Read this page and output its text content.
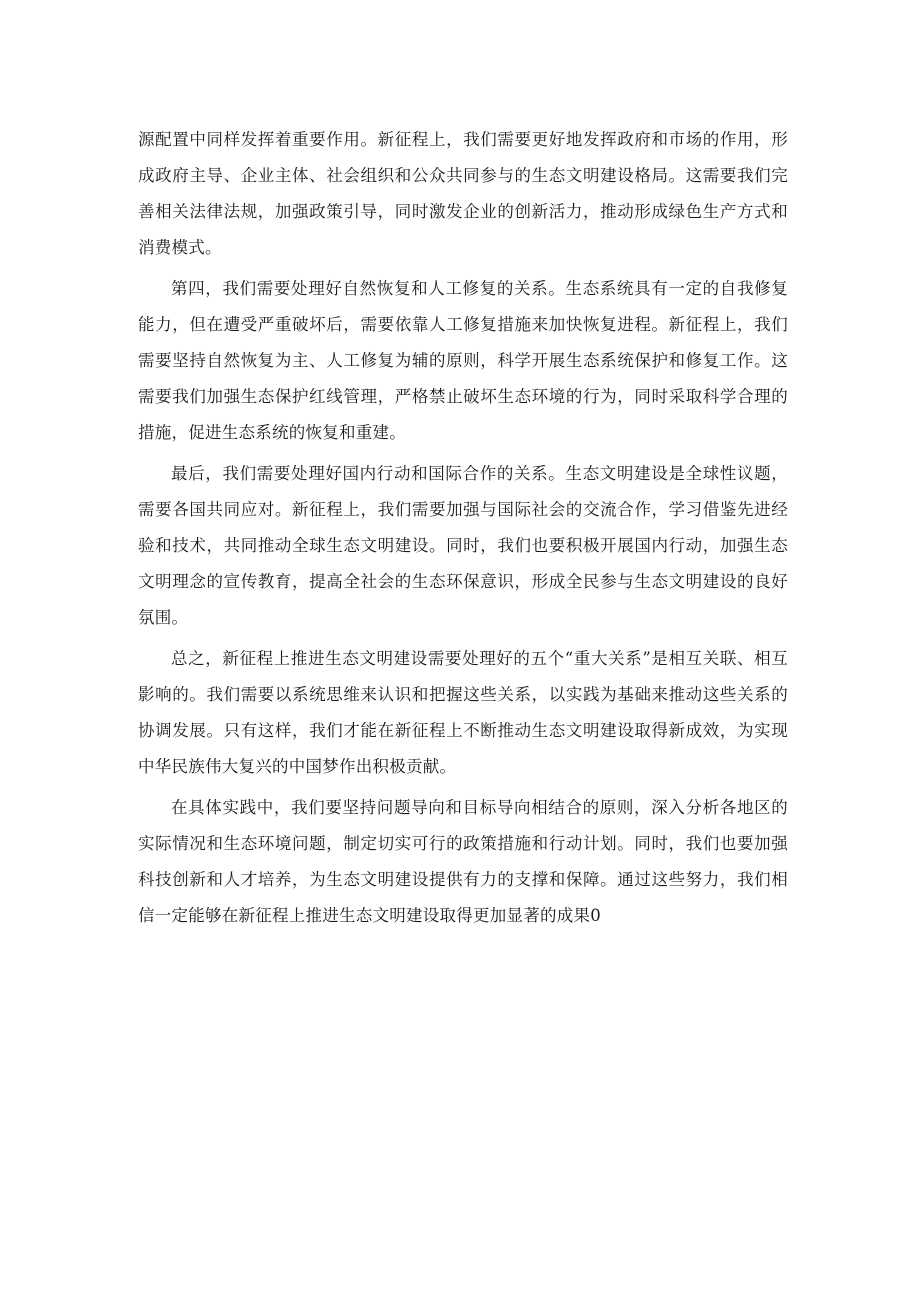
源配置中同样发挥着重要作用。新征程上，我们需要更好地发挥政府和市场的作用，形成政府主导、企业主体、社会组织和公众共同参与的生态文明建设格局。这需要我们完善相关法律法规，加强政策引导，同时激发企业的创新活力，推动形成绿色生产方式和消费模式。

第四，我们需要处理好自然恢复和人工修复的关系。生态系统具有一定的自我修复能力，但在遭受严重破坏后，需要依靠人工修复措施来加快恢复进程。新征程上，我们需要坚持自然恢复为主、人工修复为辅的原则，科学开展生态系统保护和修复工作。这需要我们加强生态保护红线管理，严格禁止破坏生态环境的行为，同时采取科学合理的措施，促进生态系统的恢复和重建。

最后，我们需要处理好国内行动和国际合作的关系。生态文明建设是全球性议题，需要各国共同应对。新征程上，我们需要加强与国际社会的交流合作，学习借鉴先进经验和技术，共同推动全球生态文明建设。同时，我们也要积极开展国内行动，加强生态文明理念的宣传教育，提高全社会的生态环保意识，形成全民参与生态文明建设的良好氛围。

总之，新征程上推进生态文明建设需要处理好的五个“重大关系”是相互关联、相互影响的。我们需要以系统思维来认识和把握这些关系，以实践为基础来推动这些关系的协调发展。只有这样，我们才能在新征程上不断推动生态文明建设取得新成效，为实现中华民族伟大复兴的中国梦作出积极贡献。

在具体实践中，我们要坚持问题导向和目标导向相结合的原则，深入分析各地区的实际情况和生态环境问题，制定切实可行的政策措施和行动计划。同时，我们也要加强科技创新和人才培养，为生态文明建设提供有力的支撑和保障。通过这些努力，我们相信一定能够在新征程上推进生态文明建设取得更加显著的成果0
